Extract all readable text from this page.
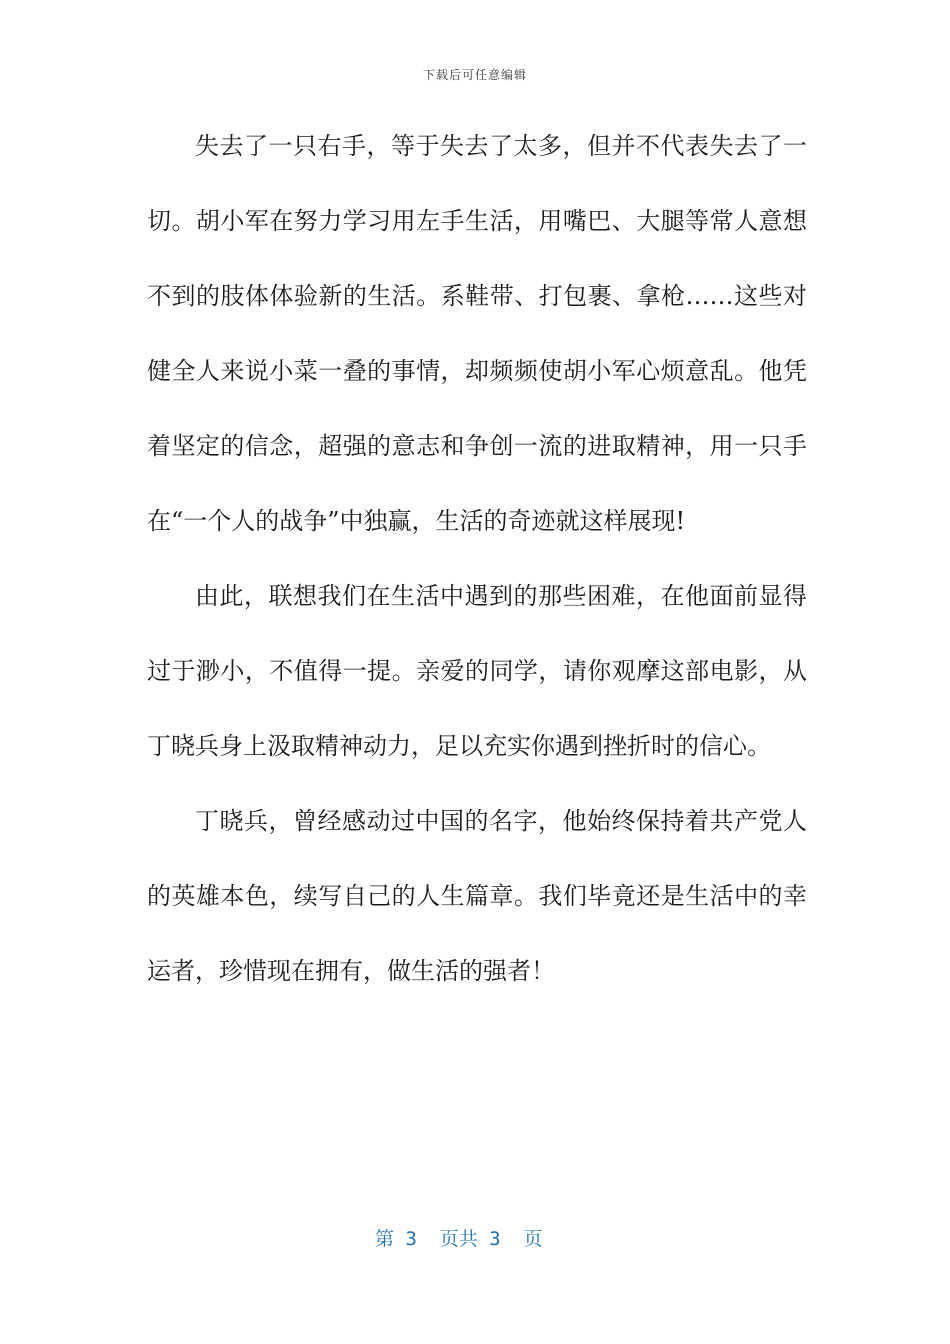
下载后可任意编辑
失去了一只右手，等于失去了太多，但并不代表失去了一
切。胡小军在努力学习用左手生活，用嘴巴、大腿等常人意想
不到的肢体体验新的生活。系鞋带、打包裹、拿枪……这些对
健全人来说小菜一叠的事情，却频频使胡小军心烦意乱。他凭
着坚定的信念，超强的意志和争创一流的进取精神，用一只手
在“一个人的战争”中独赢，生活的奇迹就这样展现!
由此，联想我们在生活中遇到的那些困难，在他面前显得
过于渺小，不值得一提。亲爱的同学，请你观摩这部电影，从
丁晓兵身上汲取精神动力，足以充实你遇到挫折时的信心。
丁晓兵，曾经感动过中国的名字，他始终保持着共产党人
的英雄本色，续写自己的人生篇章。我们毕竟还是生活中的幸
运者，珍惜现在拥有，做生活的强者！
第 3  页共 3  页
